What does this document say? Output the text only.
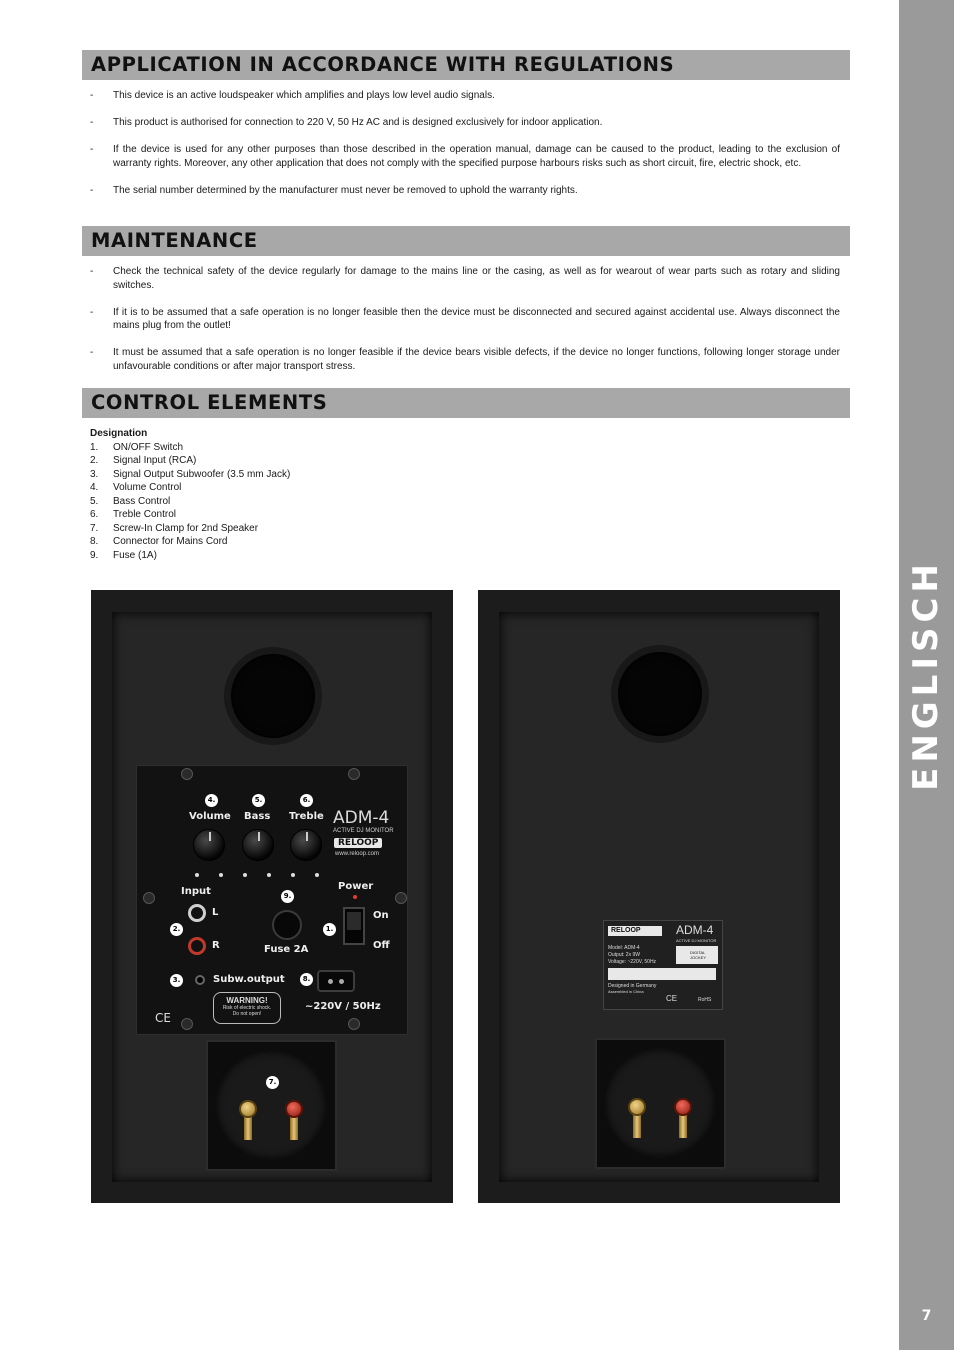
ENGLISCH
7
APPLICATION IN ACCORDANCE WITH REGULATIONS
- This device is an active loudspeaker which amplifies and plays low level audio signals.
- This product is authorised for connection to 220 V, 50 Hz AC and is designed exclusively for indoor application.
- If the device is used for any other purposes than those described in the operation manual, damage can be caused to the product, leading to the exclusion of warranty rights. Moreover, any other application that does not comply with the specified purpose harbours risks such as short circuit, fire, electric shock, etc.
- The serial number determined by the manufacturer must never be removed to uphold the warranty rights.
MAINTENANCE
- Check the technical safety of the device regularly for damage to the mains line or the casing, as well as for wearout of wear parts such as rotary and sliding switches.
- If it is to be assumed that a safe operation is no longer feasible then the device must be disconnected and secured against accidental use. Always disconnect the mains plug from the outlet!
- It must be assumed that a safe operation is no longer feasible if the device bears visible defects, if the device no longer functions, following longer storage under unfavourable conditions or after major transport stress.
CONTROL ELEMENTS
Designation
1.	ON/OFF Switch
2.	Signal Input (RCA)
3.	Signal Output Subwoofer (3.5 mm Jack)
4.	Volume Control
5.	Bass Control
6.	Treble Control
7.	Screw-In Clamp for 2nd Speaker
8.	Connector for Mains Cord
9.	Fuse (1A)
4.	5.	6.
Volume Bass Treble ADM-4
ACTIVE DJ MONITOR
RELOOP
www.reloop.com
Input	9.
Power
L
R
2.
Fuse 2A
1.
On
Off
3.	Subw.output	8.
~220V / 50Hz
WARNING!
Risk of electric shock.
Do not open!
CE
7.
RELOOP	ADM-4
ACTIVE DJ MONITOR
Model: ADM-4
Output: 2x 9W
Voltage: ~220V, 50Hz
DIGITAL JOCKEY
Designed in Germany
Assembled in China
CE	RoHS
